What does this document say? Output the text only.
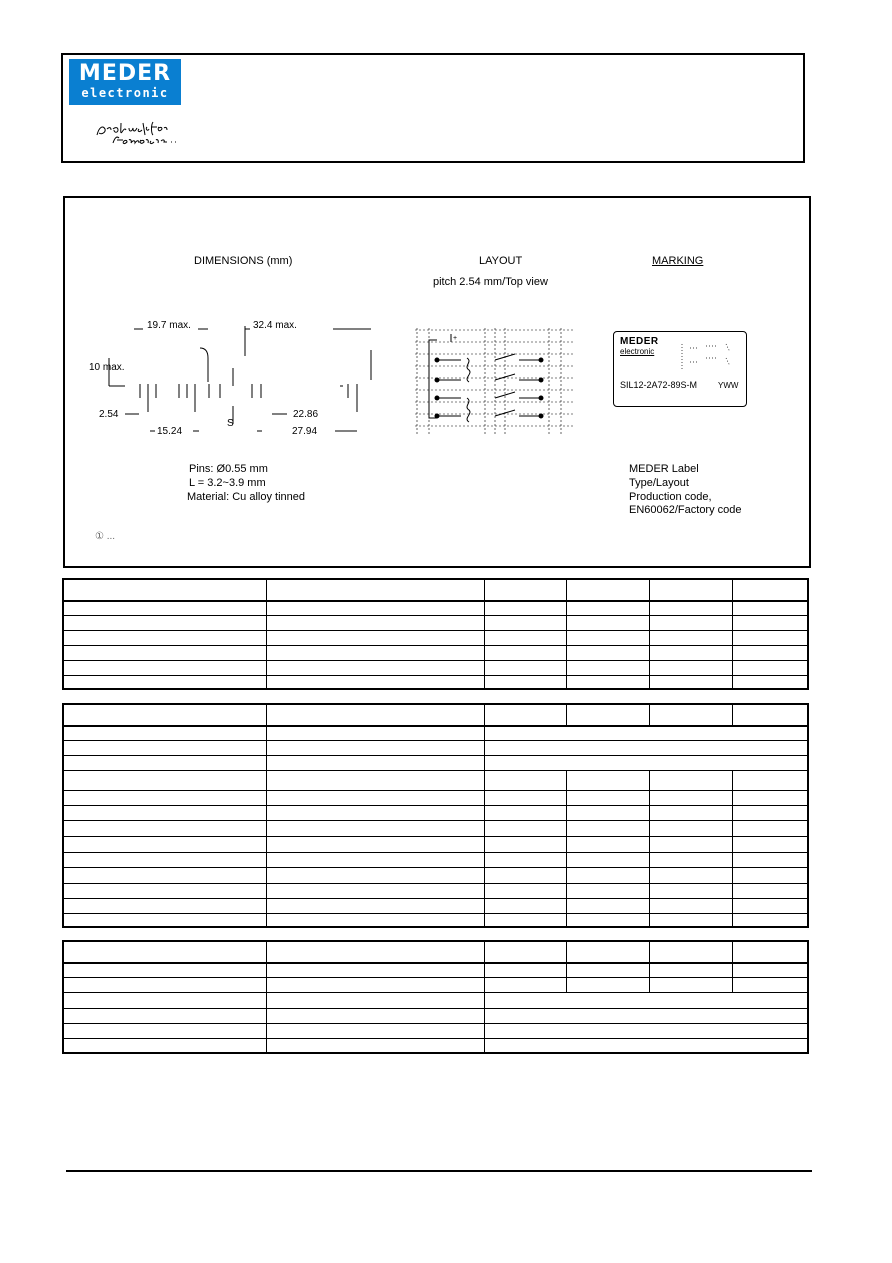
MEDER
electronic
DIMENSIONS (mm)	LAYOUT
pitch 2.54 mm/Top view
MARKING
19.7 max.	32.4 max.
10 max.
2.54
15.24
22.86
27.94
S
Pins: Ø0.55 mm
L = 3.2~3.9 mm
Material: Cu alloy tinned
MEDER Label
Type/Layout
Production code,
EN60062/Factory code
① ...
+	MEDER
electronic
SIL12-2A72-89S-M	YWW
